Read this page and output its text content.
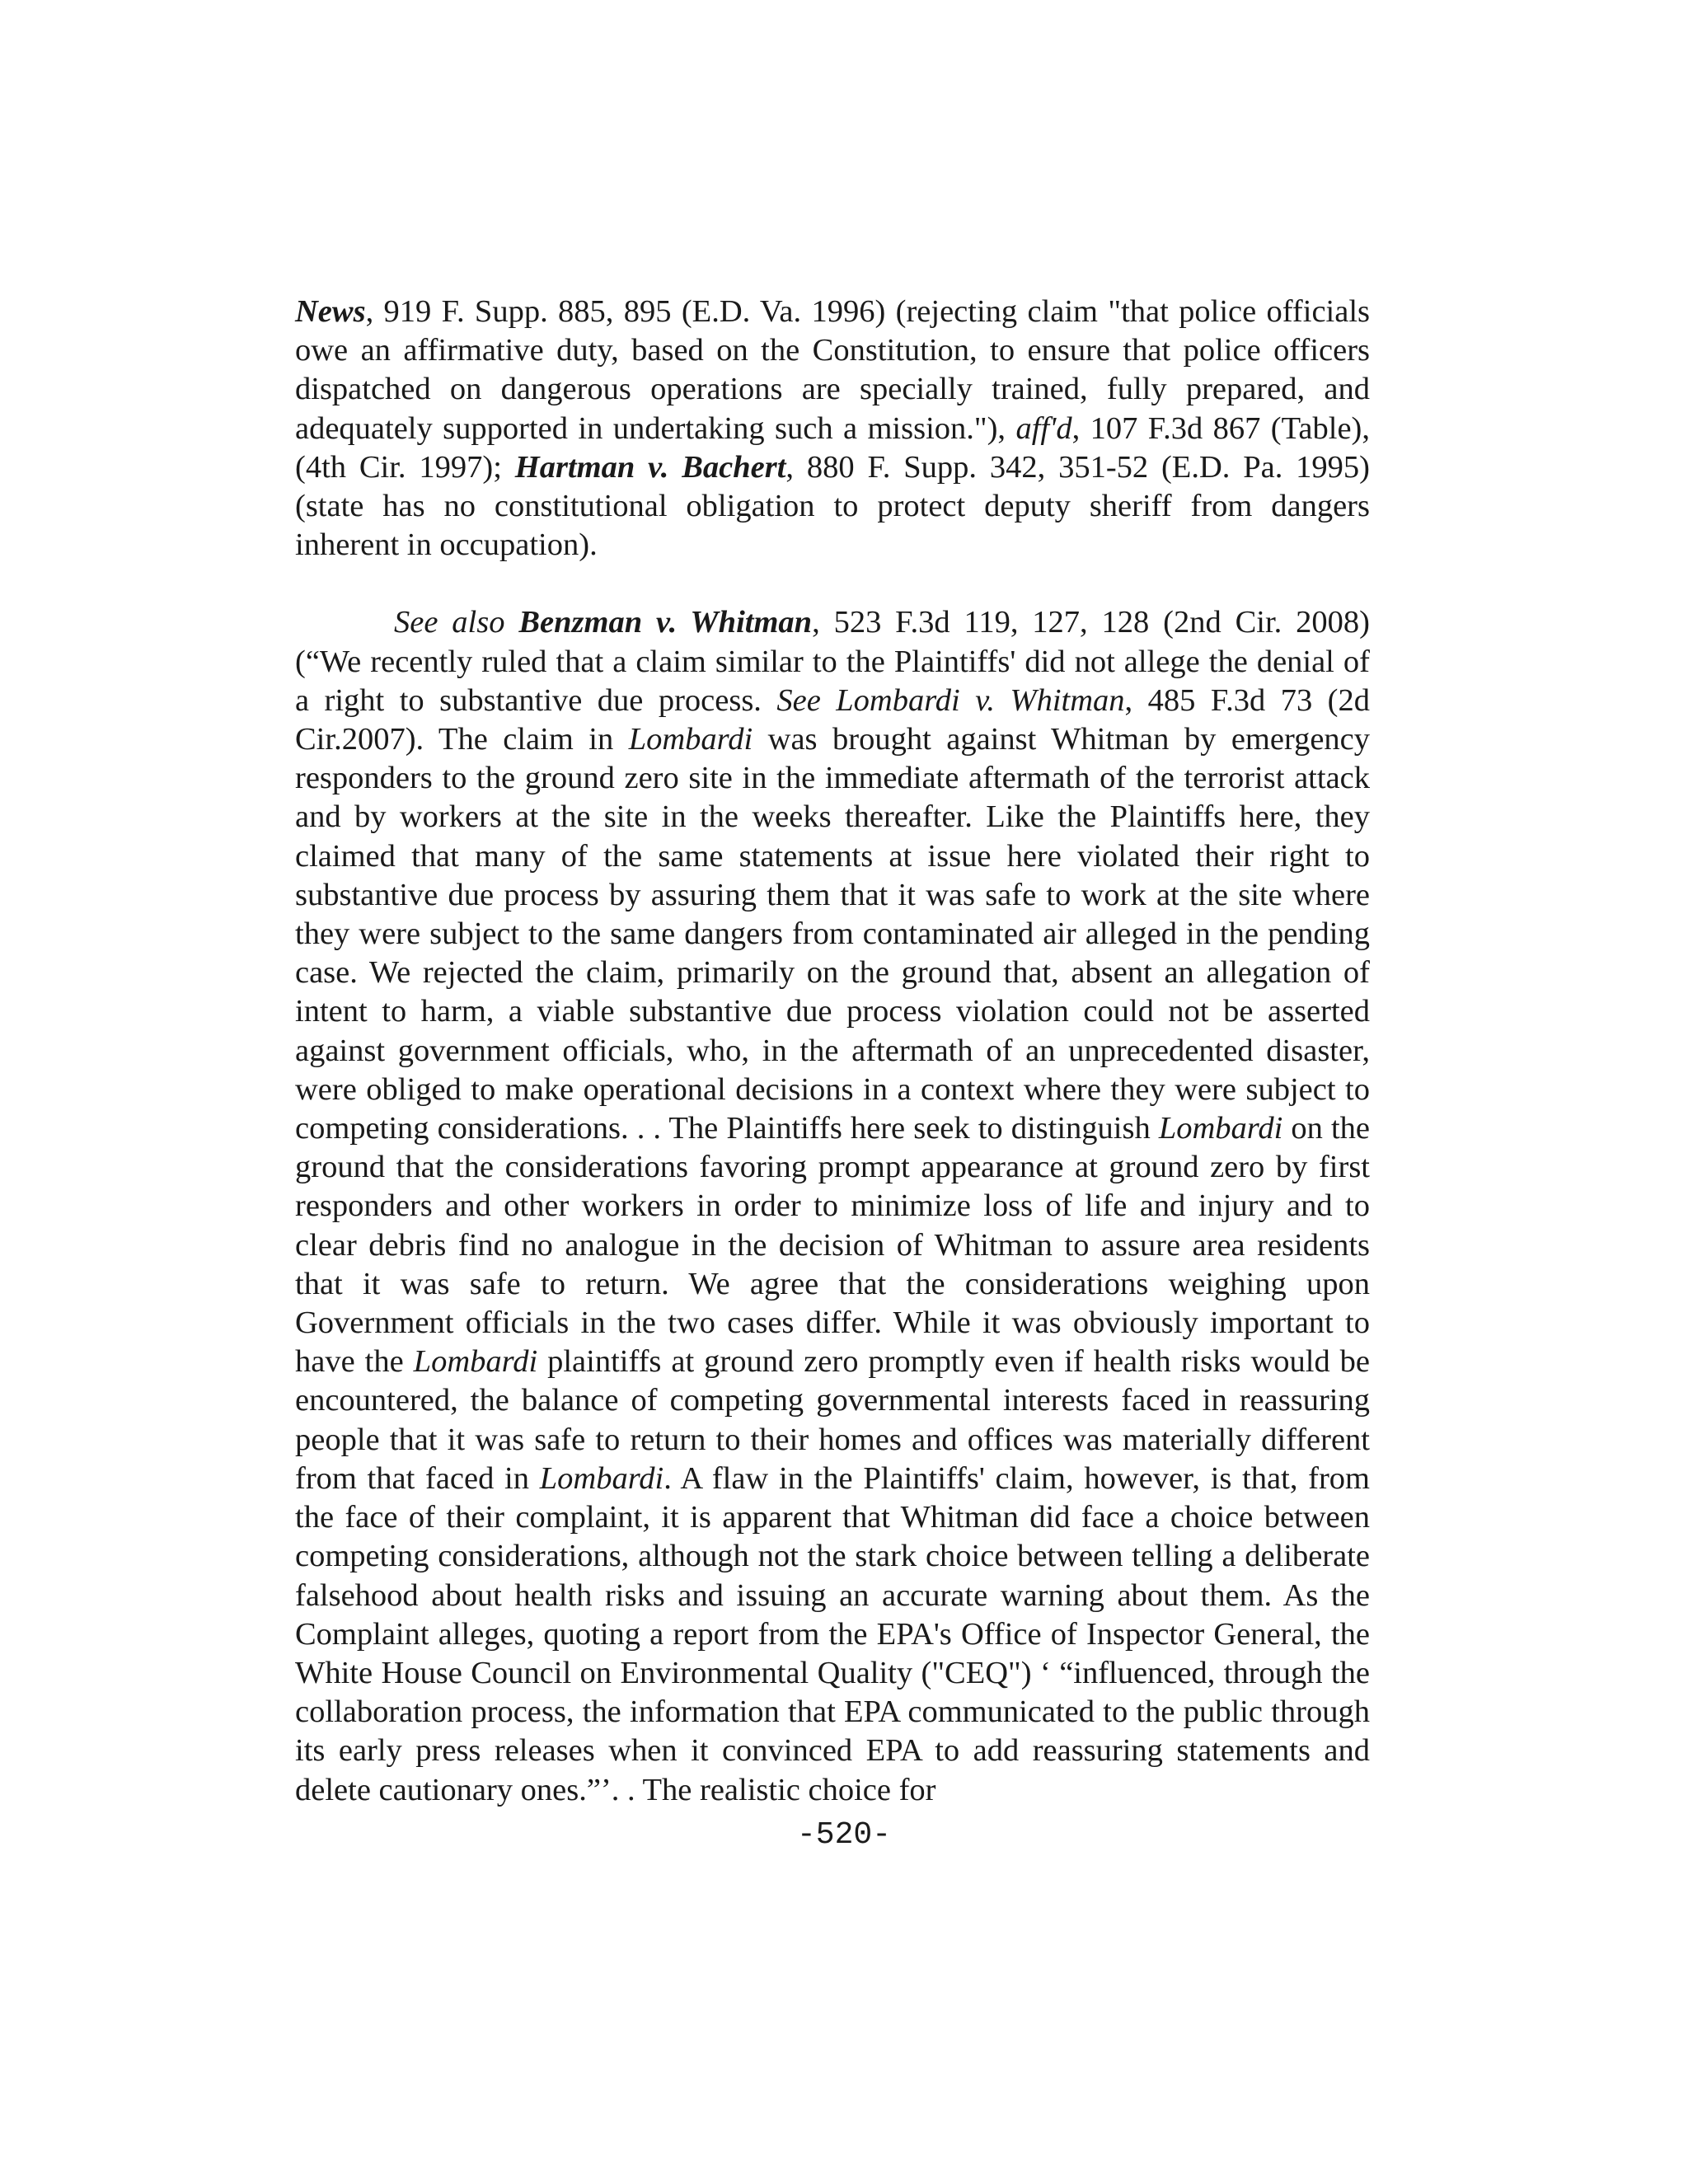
News, 919 F. Supp. 885, 895 (E.D. Va. 1996) (rejecting claim "that police officials owe an affirmative duty, based on the Constitution, to ensure that police officers dispatched on dangerous operations are specially trained, fully prepared, and adequately supported in undertaking such a mission."), aff'd, 107 F.3d 867 (Table), (4th Cir. 1997); Hartman v. Bachert, 880 F. Supp. 342, 351-52 (E.D. Pa. 1995) (state has no constitutional obligation to protect deputy sheriff from dangers inherent in occupation).

See also Benzman v. Whitman, 523 F.3d 119, 127, 128 (2nd Cir. 2008) (“We recently ruled that a claim similar to the Plaintiffs' did not allege the denial of a right to substantive due process. See Lombardi v. Whitman, 485 F.3d 73 (2d Cir.2007). The claim in Lombardi was brought against Whitman by emergency responders to the ground zero site in the immediate aftermath of the terrorist attack and by workers at the site in the weeks thereafter. Like the Plaintiffs here, they claimed that many of the same statements at issue here violated their right to substantive due process by assuring them that it was safe to work at the site where they were subject to the same dangers from contaminated air alleged in the pending case. We rejected the claim, primarily on the ground that, absent an allegation of intent to harm, a viable substantive due process violation could not be asserted against government officials, who, in the aftermath of an unprecedented disaster, were obliged to make operational decisions in a context where they were subject to competing considerations. . . The Plaintiffs here seek to distinguish Lombardi on the ground that the considerations favoring prompt appearance at ground zero by first responders and other workers in order to minimize loss of life and injury and to clear debris find no analogue in the decision of Whitman to assure area residents that it was safe to return. We agree that the considerations weighing upon Government officials in the two cases differ. While it was obviously important to have the Lombardi plaintiffs at ground zero promptly even if health risks would be encountered, the balance of competing governmental interests faced in reassuring people that it was safe to return to their homes and offices was materially different from that faced in Lombardi. A flaw in the Plaintiffs' claim, however, is that, from the face of their complaint, it is apparent that Whitman did face a choice between competing considerations, although not the stark choice between telling a deliberate falsehood about health risks and issuing an accurate warning about them. As the Complaint alleges, quoting a report from the EPA's Office of Inspector General, the White House Council on Environmental Quality ("CEQ") ‘ “influenced, through the collaboration process, the information that EPA communicated to the public through its early press releases when it convinced EPA to add reassuring statements and delete cautionary ones.”’. . The realistic choice for

-520-
